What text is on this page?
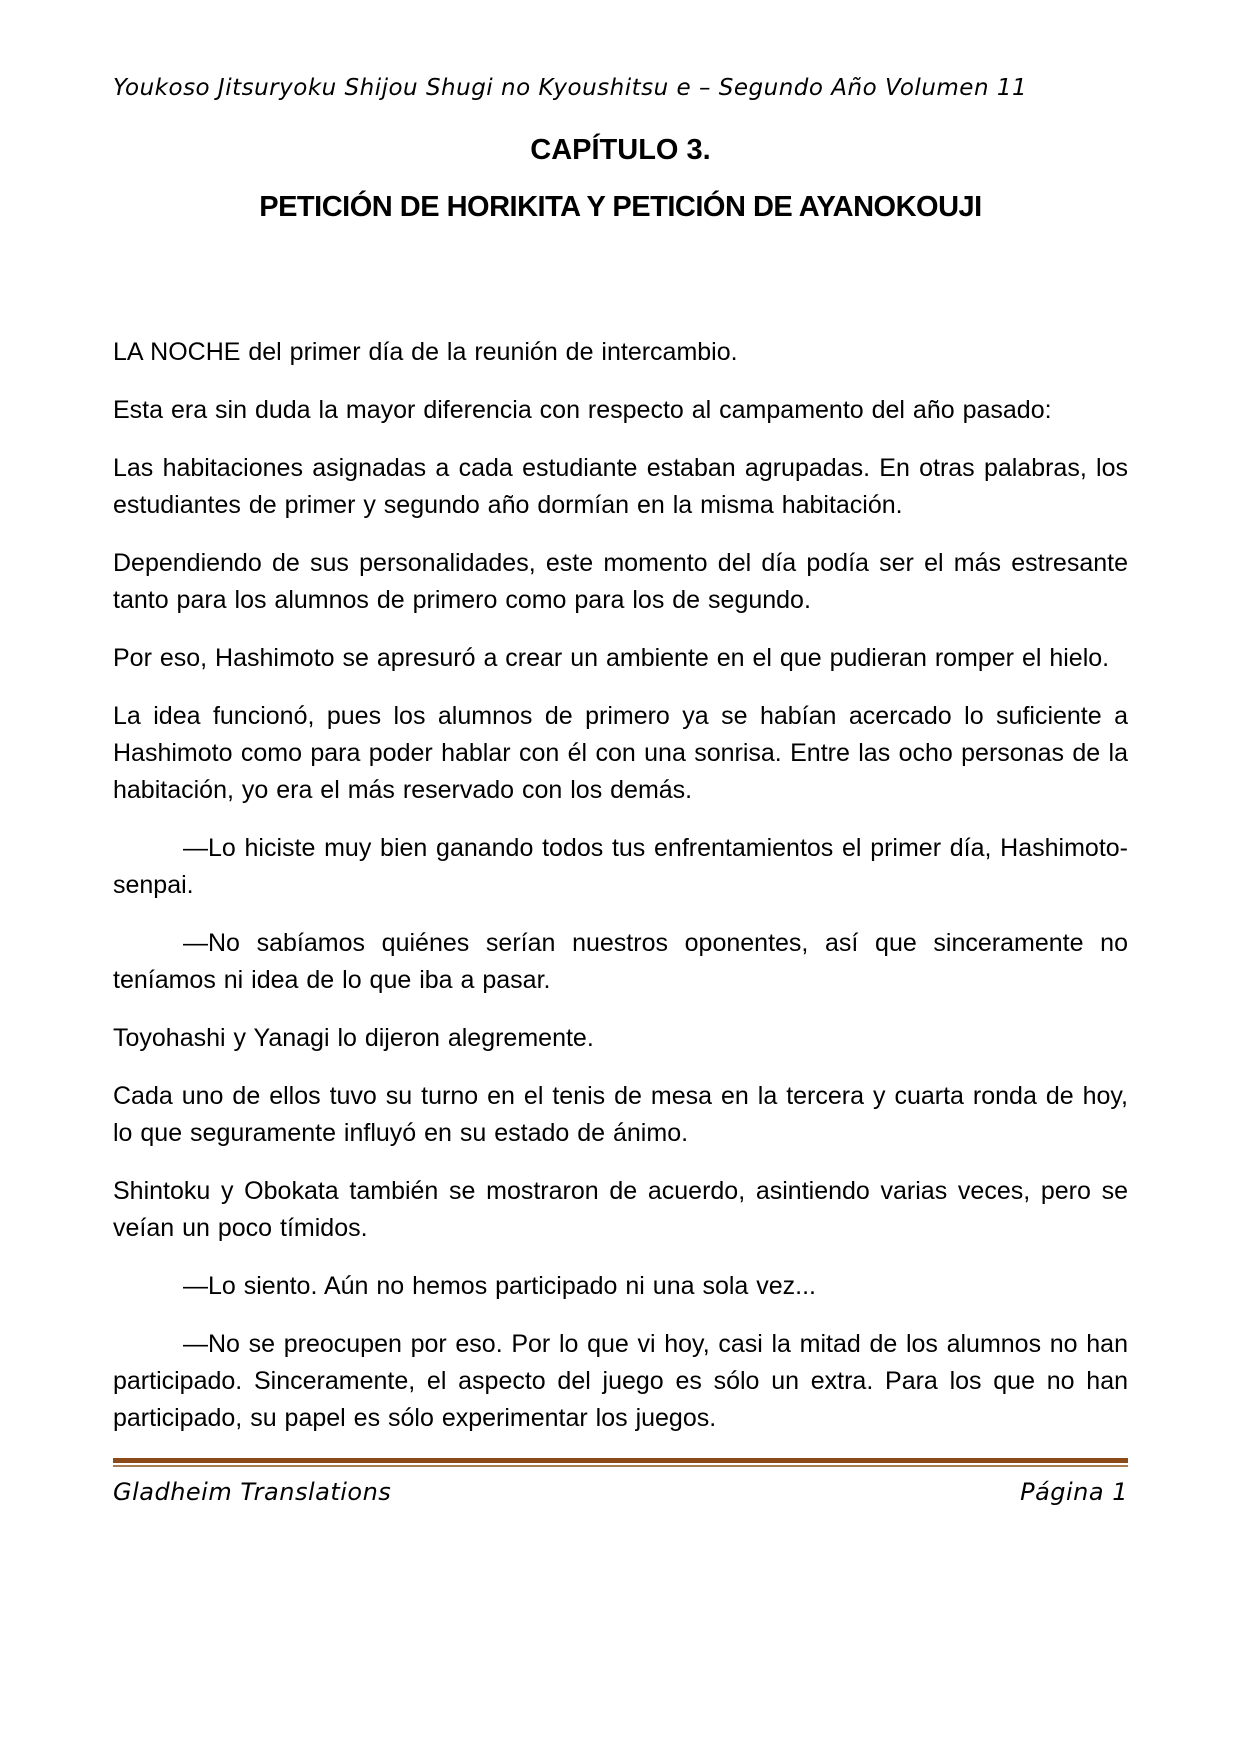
Youkoso Jitsuryoku Shijou Shugi no Kyoushitsu e – Segundo Año Volumen 11
CAPÍTULO 3.
PETICIÓN DE HORIKITA Y PETICIÓN DE AYANOKOUJI

LA NOCHE del primer día de la reunión de intercambio.

Esta era sin duda la mayor diferencia con respecto al campamento del año pasado:

Las habitaciones asignadas a cada estudiante estaban agrupadas. En otras palabras, los estudiantes de primer y segundo año dormían en la misma habitación.

Dependiendo de sus personalidades, este momento del día podía ser el más estresante tanto para los alumnos de primero como para los de segundo.

Por eso, Hashimoto se apresuró a crear un ambiente en el que pudieran romper el hielo.

La idea funcionó, pues los alumnos de primero ya se habían acercado lo suficiente a Hashimoto como para poder hablar con él con una sonrisa. Entre las ocho personas de la habitación, yo era el más reservado con los demás.

—Lo hiciste muy bien ganando todos tus enfrentamientos el primer día, Hashimoto-senpai.

—No sabíamos quiénes serían nuestros oponentes, así que sinceramente no teníamos ni idea de lo que iba a pasar.

Toyohashi y Yanagi lo dijeron alegremente.

Cada uno de ellos tuvo su turno en el tenis de mesa en la tercera y cuarta ronda de hoy, lo que seguramente influyó en su estado de ánimo.

Shintoku y Obokata también se mostraron de acuerdo, asintiendo varias veces, pero se veían un poco tímidos.

—Lo siento. Aún no hemos participado ni una sola vez...

—No se preocupen por eso. Por lo que vi hoy, casi la mitad de los alumnos no han participado. Sinceramente, el aspecto del juego es sólo un extra. Para los que no han participado, su papel es sólo experimentar los juegos.

Gladheim Translations	Página 1
